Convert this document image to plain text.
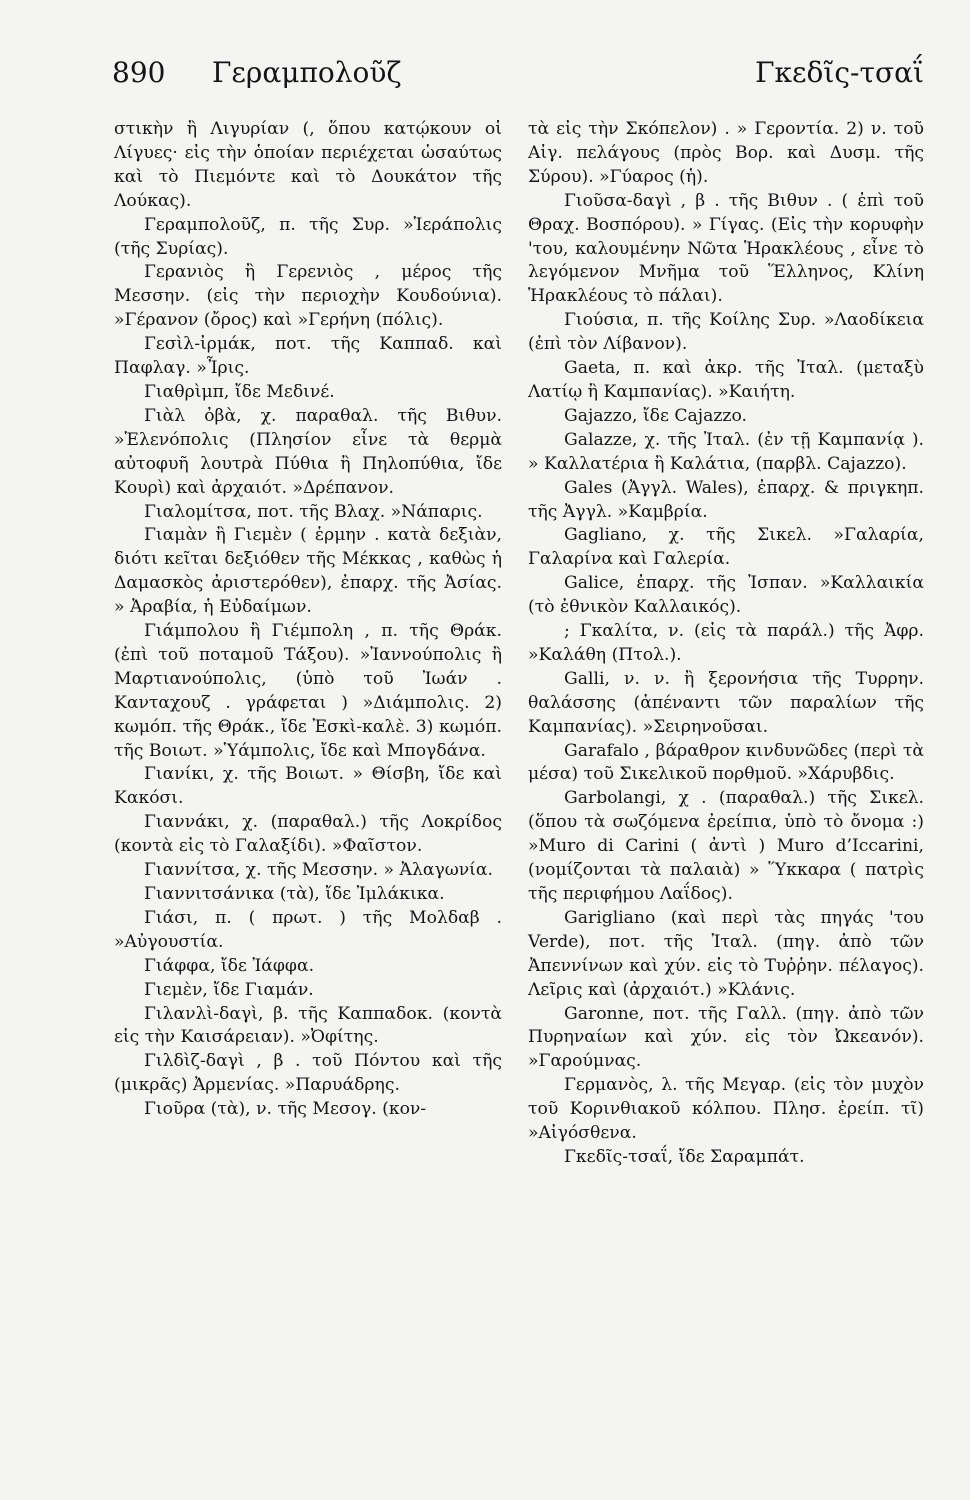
890 Γεραμπολοῦζ	Γκεδῖς-τσαΐ

στικὴν ἢ Λιγυρίαν (, ὅπου κατῴκουν οἱ Λίγυες· εἰς τὴν ὁποίαν περιέχεται ὡσαύτως καὶ τὸ Πιεμόντε καὶ τὸ Δουκάτον τῆς Λούκας).

Γεραμπολοῦζ, π. τῆς Συρ. »Ἱεράπολις (τῆς Συρίας).

Γερανιὸς ἢ Γερενιὸς , μέρος τῆς Μεσσην. (εἰς τὴν περιοχὴν Κουδούνια). »Γέρανον (ὄρος) καὶ »Γερήνη (πόλις).

Γεσὶλ-ἰρμάκ, ποτ. τῆς Καππαδ. καὶ Παφλαγ. »Ἶρις.

Γιαθρὶμπ, ἴδε Μεδινέ.

Γιὰλ ὀβὰ, χ. παραθαλ. τῆς Βιθυν. »Ἑλενόπολις (Πλησίον εἶνε τὰ θερμὰ αὐτοφυῆ λουτρὰ Πύθια ἢ Πηλοπύθια, ἴδε Κουρὶ) καὶ ἀρχαιότ. »Δρέπανον.

Γιαλομίτσα, ποτ. τῆς Βλαχ. »Νάπαρις.

Γιαμὰν ἢ Γιεμὲν ( ἑρμην . κατὰ δεξιὰν, διότι κεῖται δεξιόθεν τῆς Μέκκας , καθὼς ἡ Δαμασκὸς ἀριστερόθεν), ἐπαρχ. τῆς Ἀσίας. » Ἀραβία, ἡ Εὐδαίμων.

Γιάμπολου ἢ Γιέμπολη , π. τῆς Θράκ. (ἐπὶ τοῦ ποταμοῦ Τάξου). »Ἰαννούπολις ἢ Μαρτιανούπολις, (ὑπὸ τοῦ Ἰωάν . Κανταχουζ . γράφεται ) »Διάμπολις. 2) κωμόπ. τῆς Θράκ., ἴδε Ἐσκὶ-καλὲ. 3) κωμόπ. τῆς Βοιωτ. »Ὑάμπολις, ἴδε καὶ Μπογδάνα.

Γιανίκι, χ. τῆς Βοιωτ. » Θίσβη, ἴδε καὶ Κακόσι.

Γιαννάκι, χ. (παραθαλ.) τῆς Λοκρίδος (κοντὰ εἰς τὸ Γαλαξίδι). »Φαῖστον.

Γιαννίτσα, χ. τῆς Μεσσην. » Ἀλαγωνία.

Γιαννιτσάνικα (τὰ), ἴδε Ἰμλάκικα.

Γιάσι, π. ( πρωτ. ) τῆς Μολδαβ . »Αὐγουστία.

Γιάφφα, ἴδε Ἰάφφα.

Γιεμὲν, ἴδε Γιαμάν.

Γιλανλὶ-δαγὶ, β. τῆς Καππαδοκ. (κοντὰ εἰς τὴν Καισάρειαν). »Ὀφίτης.

Γιλδὶζ-δαγὶ , β . τοῦ Πόντου καὶ τῆς (μικρᾶς) Ἀρμενίας. »Παρυάδρης.

Γιοῦρα (τὰ), ν. τῆς Μεσογ. (κον-

τὰ εἰς τὴν Σκόπελον) . » Γεροντία. 2) ν. τοῦ Αἰγ. πελάγους (πρὸς Βορ. καὶ Δυσμ. τῆς Σύρου). »Γύαρος (ἡ).

Γιοῦσα-δαγὶ , β . τῆς Βιθυν . ( ἐπὶ τοῦ Θραχ. Βοσπόρου). » Γίγας. (Εἰς τὴν κορυφὴν 'του, καλουμένην Νῶτα Ἡρακλέους , εἶνε τὸ λεγόμενον Μνῆμα τοῦ Ἕλληνος, Κλίνη Ἡρακλέους τὸ πάλαι).

Γιούσια, π. τῆς Κοίλης Συρ. »Λαοδίκεια (ἐπὶ τὸν Λίβανον).

Gaeta, π. καὶ ἀκρ. τῆς Ἰταλ. (μεταξὺ Λατίῳ ἢ Καμπανίας). »Καιήτη.

Gajazzo, ἴδε Cajazzo.

Galazze, χ. τῆς Ἰταλ. (ἐν τῇ Καμπανίᾳ ). » Καλλατέρια ἢ Καλάτια, (παρβλ. Cajazzo).

Gales (Ἀγγλ. Wales), ἐπαρχ. & πριγκηπ. τῆς Ἀγγλ. »Καμβρία.

Gagliano, χ. τῆς Σικελ. »Γαλαρία, Γαλαρίνα καὶ Γαλερία.

Galice, ἐπαρχ. τῆς Ἰσπαν. »Καλλαικία (τὸ ἐθνικὸν Καλλαικός).

; Γκαλίτα, ν. (εἰς τὰ παράλ.) τῆς Ἀφρ. »Καλάθη (Πτολ.).

Galli, ν. ν. ἢ ξερονήσια τῆς Τυρρην. θαλάσσης (ἀπέναντι τῶν παραλίων τῆς Καμπανίας). »Σειρηνοῦσαι.

Garafalo , βάραθρον κινδυνῶδες (περὶ τὰ μέσα) τοῦ Σικελικοῦ πορθμοῦ. »Χάρυβδις.

Garbolangi, χ . (παραθαλ.) τῆς Σικελ. (ὅπου τὰ σωζόμενα ἐρείπια, ὑπὸ τὸ ὄνομα :) »Muro di Carini ( ἀντὶ ) Muro d’Iccarini, (νομίζονται τὰ παλαιὰ) » Ὕκκαρα ( πατρὶς τῆς περιφήμου Λαΐδος).

Garigliano (καὶ περὶ τὰς πηγάς 'του Verde), ποτ. τῆς Ἰταλ. (πηγ. ἀπὸ τῶν Ἀπεννίνων καὶ χύν. εἰς τὸ Τυῤῥην. πέλαγος). Λεῖρις καὶ (ἀρχαιότ.) »Κλάνις.

Garonne, ποτ. τῆς Γαλλ. (πηγ. ἀπὸ τῶν Πυρηναίων καὶ χύν. εἰς τὸν Ὠκεανόν). »Γαρούμνας.

Γερμανὸς, λ. τῆς Μεγαρ. (εἰς τὸν μυχὸν τοῦ Κορινθιακοῦ κόλπου. Πλησ. ἐρείπ. τῖ) »Αἰγόσθενα.

Γκεδῖς-τσαΐ, ἴδε Σαραμπάτ.
